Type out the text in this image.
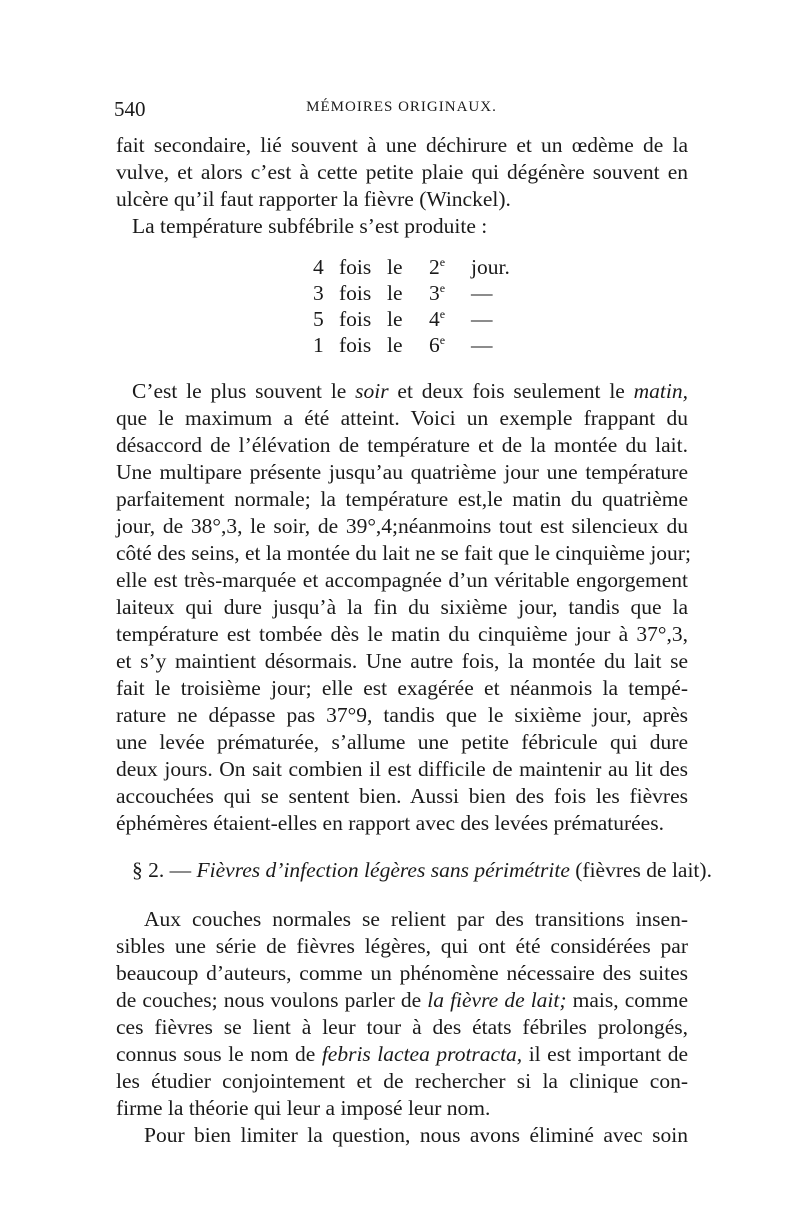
540	MÉMOIRES ORIGINAUX.
fait secondaire, lié souvent à une déchirure et un œdème de la
vulve, et alors c’est à cette petite plaie qui dégénère souvent en
ulcère qu’il faut rapporter la fièvre (Winckel).
La température subfébrile s’est produite :
4 fois le 2e jour.
3 fois le 3e —
5 fois le 4e —
1 fois le 6e —
C’est le plus souvent le soir et deux fois seulement le matin,
que le maximum a été atteint. Voici un exemple frappant du
désaccord de l’élévation de température et de la montée du lait.
Une multipare présente jusqu’au quatrième jour une température
parfaitement normale; la température est,le matin du quatrième
jour, de 38°,3, le soir, de 39°,4;néanmoins tout est silencieux du
côté des seins, et la montée du lait ne se fait que le cinquième jour;
elle est très-marquée et accompagnée d’un véritable engorgement
laiteux qui dure jusqu’à la fin du sixième jour, tandis que la
température est tombée dès le matin du cinquième jour à 37°,3,
et s’y maintient désormais. Une autre fois, la montée du lait se
fait le troisième jour; elle est exagérée et néanmois la tempé-
rature ne dépasse pas 37°9, tandis que le sixième jour, après
une levée prématurée, s’allume une petite fébricule qui dure
deux jours. On sait combien il est difficile de maintenir au lit des
accouchées qui se sentent bien. Aussi bien des fois les fièvres
éphémères étaient-elles en rapport avec des levées prématurées.
§ 2. — Fièvres d’infection légères sans périmétrite (fièvres de lait).
Aux couches normales se relient par des transitions insen-
sibles une série de fièvres légères, qui ont été considérées par
beaucoup d’auteurs, comme un phénomène nécessaire des suites
de couches; nous voulons parler de la fièvre de lait; mais, comme
ces fièvres se lient à leur tour à des états fébriles prolongés,
connus sous le nom de febris lactea protracta, il est important de
les étudier conjointement et de rechercher si la clinique con-
firme la théorie qui leur a imposé leur nom.
Pour bien limiter la question, nous avons éliminé avec soin
